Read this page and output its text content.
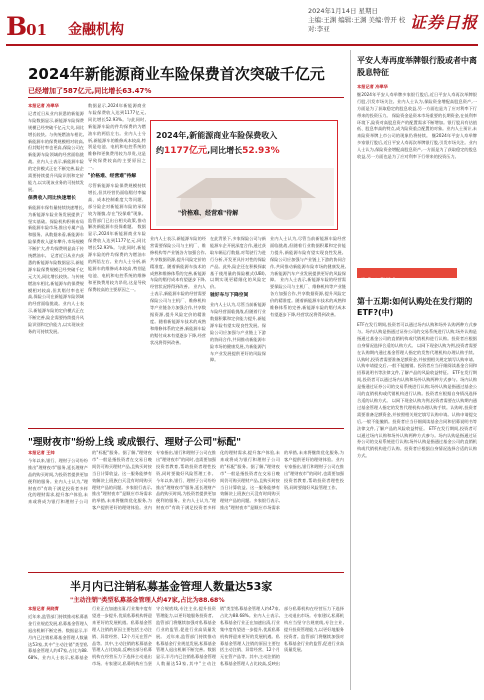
B01 金融机构
2024年1月14日 星期日
主编:王渊 编辑:王渊 美编:曾开 校对:李亚	证券日报
2024年新能源商业车险保费首次突破千亿元
已经增加了587亿元,同比增长63.47%
本报记者 冷翠华
记者近日从业内获悉的新能源车险数据显示,新能源车险保费规模已经突破千亿元大关,同比增长较快。与传统燃油车相比,新能源车的保费规模相对较高,但其赔付率也更高,保险公司在新能源车险领域的经营面临挑战。业内人士表示,新能源车险的定价模式正在不断完善,险企需要持续提升风险识别和定价能力,以实现该业务的可持续发展。
保费收入同比快速增长
新能源车保有量持续快速增长,为新能源车险业务发展提供了坚实基础。保险机构积极布局新能源车险市场,推出专属产品和服务。从数据来看,新能源车险保费收入逐年攀升,市场规模不断扩大,件均保费明显高于传统燃油车。 记者近日从业内获悉的新能源车险数据显示,新能源车险保费规模已经突破千亿元大关,同比增长较快。与传统燃油车相比,新能源车的保费规模相对较高,但其赔付率也更高,保险公司在新能源车险领域的经营面临挑战。业内人士表示,新能源车险的定价模式正在不断完善,险企需要持续提升风险识别和定价能力,以实现该业务的可持续发展。
数据显示,2024年新能源商业车险保费收入达到1177亿元,同比增长52.93%。与此同时,新能源车险的件均保费约为燃油车的两倍左右。业内人士分析,新能源车的维修成本较高,特别是电池、电机和电控系统的维修和更换费用较为昂贵,这是导致保费较高的主要原因之一。
"价格难、经营难"待解
尽管新能源车险保费规模持续增长,但其经营仍面临赔付率偏高、成本控制难度大等问题。部分险企对新能源车险的承保较为谨慎,存在"投保难"现象。监管部门已出台相关政策,推动解决新能源车投保难题。 数据显示,2024年新能源商业车险保费收入达到1177亿元,同比增长52.93%。与此同时,新能源车险的件均保费约为燃油车的两倍左右。业内人士分析,新能源车的维修成本较高,特别是电池、电机和电控系统的维修和更换费用较为昂贵,这是导致保费较高的主要原因之一。
2024年,新能源商业车险保费收入
约1177亿元,同比增长52.93%
"价格难、经营难"待解
业内人士表示,新能源车险的经营需要保险公司与主机厂、维修机构等产业链各方加强合作,共享数据资源,提升风险定价的精准度。随着新能源车技术的成熟和维修体系的完善,新能源车险的赔付成本有望逐步下降,经营状况将得到改善。 业内人士表示,新能源车险的经营需要保险公司与主机厂、维修机构等产业链各方加强合作,共享数据资源,提升风险定价的精准度。随着新能源车技术的成熟和维修体系的完善,新能源车险的赔付成本有望逐步下降,经营状况将得到改善。
在此背景下,多家保险公司与新能源车企开展深度合作,通过获取车辆运行数据,对驾驶行为进行分析,开发更具针对性的保险产品。此外,险企还在积极探索基于使用量的保险模式(UBI),以期实现更精细化的风险定价。
驰好车与下降空间
业内人士认为,尽管当前新能源车险经营面临挑战,但随着行业数据积累和定价能力提升,新能源车险有望实现良性发展。保险公司应加强与产业链上下游的协同合作,共同推动新能源车险市场的健康发展,为新能源汽车产业发展提供更好的风险保障。
业内人士认为,尽管当前新能源车险经营面临挑战,但随着行业数据积累和定价能力提升,新能源车险有望实现良性发展。保险公司应加强与产业链上下游的协同合作,共同推动新能源车险市场的健康发展,为新能源汽车产业发展提供更好的风险保障。 业内人士表示,新能源车险的经营需要保险公司与主机厂、维修机构等产业链各方加强合作,共享数据资源,提升风险定价的精准度。随着新能源车技术的成熟和维修体系的完善,新能源车险的赔付成本有望逐步下降,经营状况将得到改善。
平安人寿再度举牌银行股或者中离股息特征
本报记者 冷翠华
继2024年平安人寿举牌多家银行股后,近日平安人寿再次举牌银行股,引发市场关注。业内人士认为,保险资金增配高股息资产,一方面是为了获取稳定的股息收益,另一方面也是为了应对利率下行带来的投资压力。 保险资金是资本市场重要的长期资金,在低利率环境下,险资对高股息资产的配置需求不断增加。银行股具有估值低、股息率高的特点,成为险资重点配置的对象。业内人士预计,未来险资举牌上市公司的现象仍将持续。 继2024年平安人寿举牌多家银行股后,近日平安人寿再次举牌银行股,引发市场关注。业内人士认为,保险资金增配高股息资产,一方面是为了获取稳定的股息收益,另一方面也是为了应对利率下行带来的投资压力。
聚焦公募基金 ETF
第十五期:如何认购处在发行期的ETF?(中)
ETF在发行期间,投资者可以通过场内认购和场外认购两种方式参与。场内认购是指通过证券公司的交易系统进行认购;场外认购是指通过基金公司的直销机构或代销机构进行认购。投资者应根据自身情况选择合适的认购方式。 以网下现金认购为例,投资者需要在认购期内通过基金管理人指定的发售代理机构办理认购手续。认购时,投资者需要准备足额资金,并按照相关规定填写认购申请。认购申请提交后,一般不能撤销。投资者应当仔细阅读基金合同和招募说明书等法律文件,了解产品的风险收益特征。 ETF在发行期间,投资者可以通过场内认购和场外认购两种方式参与。场内认购是指通过证券公司的交易系统进行认购;场外认购是指通过基金公司的直销机构或代销机构进行认购。投资者应根据自身情况选择合适的认购方式。 以网下现金认购为例,投资者需要在认购期内通过基金管理人指定的发售代理机构办理认购手续。认购时,投资者需要准备足额资金,并按照相关规定填写认购申请。认购申请提交后,一般不能撤销。投资者应当仔细阅读基金合同和招募说明书等法律文件,了解产品的风险收益特征。 ETF在发行期间,投资者可以通过场内认购和场外认购两种方式参与。场内认购是指通过证券公司的交易系统进行认购;场外认购是指通过基金公司的直销机构或代销机构进行认购。投资者应根据自身情况选择合适的认购方式。
"理财夜市"纷纷上线 或成银行、理财子公司"标配"
本报记者 王帅
今年以来,银行、理财子公司纷纷推出"理财夜市"服务,延长理财产品的购买时间,为投资者提供更加便利的服务。业内人士认为,"理财夜市"有助于满足投资者多样化的理财需求,提升客户体验,未来或将成为银行和理财子公司的"标配"服务。据了解,"理财夜市"一般是指投资者在交易日晚间仍可购买理财产品,且购买时按当日计算收益。这一服务能够有效解决上班族白天没有时间购买理财产品的问题。多家银行表示,推出"理财夜市"是顺应市场需求的举措,未来将继续优化服务,为客户提供更好的理财体验。业内专家指出,银行和理财子公司在推出"理财夜市"的同时,也需要加强投资者教育,帮助投资者理性投资,同时要做好风险管理工作。 今年以来,银行、理财子公司纷纷推出"理财夜市"服务,延长理财产品的购买时间,为投资者提供更加便利的服务。业内人士认为,"理财夜市"有助于满足投资者多样化的理财需求,提升客户体验,未来或将成为银行和理财子公司的"标配"服务。据了解,"理财夜市"一般是指投资者在交易日晚间仍可购买理财产品,且购买时按当日计算收益。这一服务能够有效解决上班族白天没有时间购买理财产品的问题。多家银行表示,推出"理财夜市"是顺应市场需求的举措,未来将继续优化服务,为客户提供更好的理财体验。业内专家指出,银行和理财子公司在推出"理财夜市"的同时,也需要加强投资者教育,帮助投资者理性投资,同时要做好风险管理工作。
半月内已注销私募基金管理人数量达53家
"主动注销"类型私募基金管理人约47家,占比为88.68%
本报记者 吴晓青
近年来,监管部门持续推动私募基金行业规范发展,私募基金管理人退出机制不断完善。数据显示,半月内已注销私募基金管理人数量达53家,其中"主动注销"类型私募基金管理人约47家,占比为88.68%。业内人士表示,私募基金行业正在加速出清,行业集中度有望进一步提升,优质私募机构将迎来更好的发展机遇。私募基金管理人注销的原因主要包括主动注销、异常经营、12个月无在管产品等。其中,主动注销的私募基金管理人占比较高,反映出部分私募机构在经营压力下选择主动退出市场。专家建议,私募机构应当坚守合规底线,专注主业,提升投资管理能力,以更好地服务投资者。监管部门将继续加强对私募基金行业的监管,促进行业高质量发展。 近年来,监管部门持续推动私募基金行业规范发展,私募基金管理人退出机制不断完善。数据显示,半月内已注销私募基金管理人数量达53家,其中"主动注销"类型私募基金管理人约47家,占比为88.68%。业内人士表示,私募基金行业正在加速出清,行业集中度有望进一步提升,优质私募机构将迎来更好的发展机遇。私募基金管理人注销的原因主要包括主动注销、异常经营、12个月无在管产品等。其中,主动注销的私募基金管理人占比较高,反映出部分私募机构在经营压力下选择主动退出市场。专家建议,私募机构应当坚守合规底线,专注主业,提升投资管理能力,以更好地服务投资者。监管部门将继续加强对私募基金行业的监管,促进行业高质量发展。
